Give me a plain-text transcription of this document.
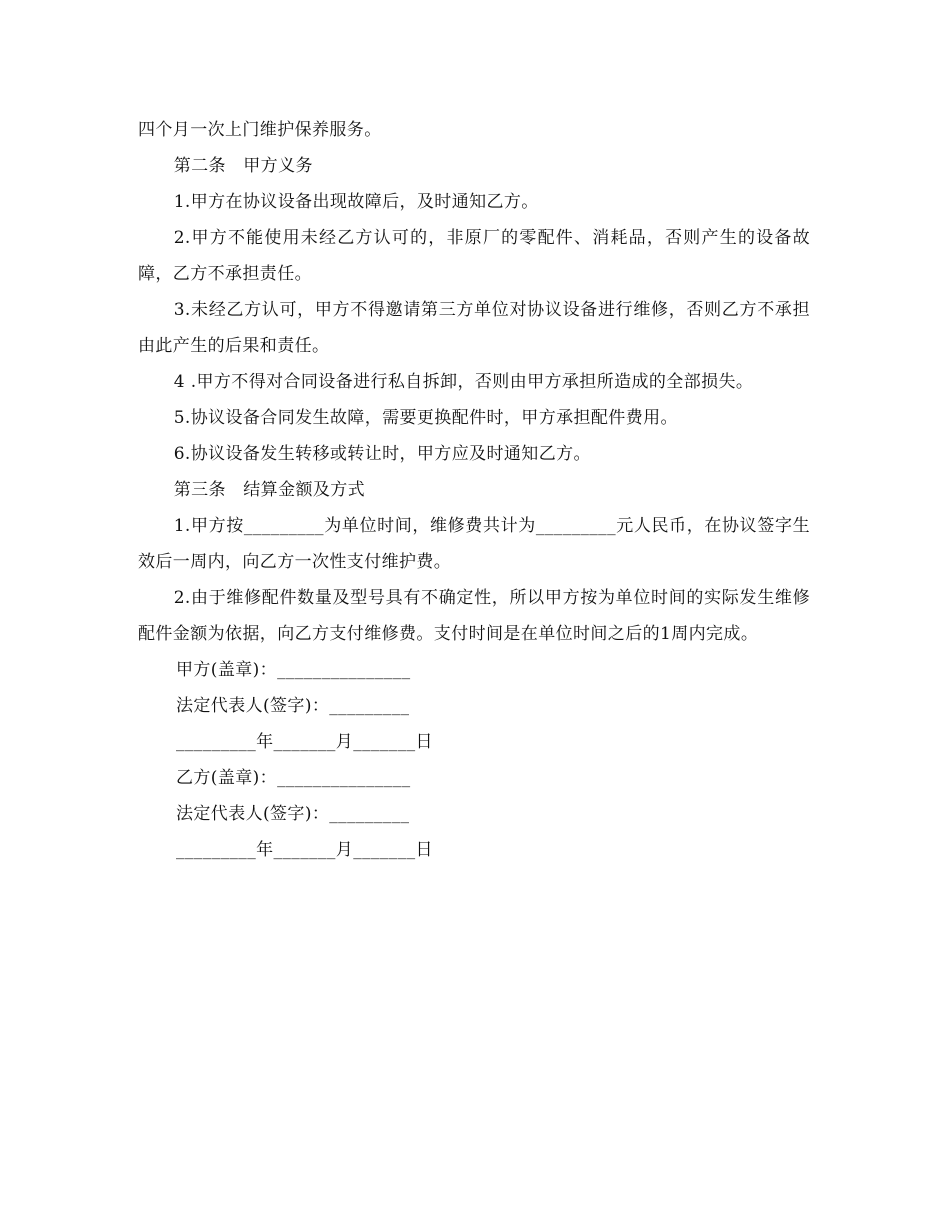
四个月一次上门维护保养服务。

第二条　甲方义务

1.甲方在协议设备出现故障后，及时通知乙方。

2.甲方不能使用未经乙方认可的，非原厂的零配件、消耗品，否则产生的设备故障，乙方不承担责任。

3.未经乙方认可，甲方不得邀请第三方单位对协议设备进行维修，否则乙方不承担由此产生的后果和责任。

4 .甲方不得对合同设备进行私自拆卸，否则由甲方承担所造成的全部损失。

5.协议设备合同发生故障，需要更换配件时，甲方承担配件费用。

6.协议设备发生转移或转让时，甲方应及时通知乙方。

第三条　结算金额及方式

1.甲方按_________为单位时间，维修费共计为_________元人民币，在协议签字生效后一周内，向乙方一次性支付维护费。

2.由于维修配件数量及型号具有不确定性，所以甲方按为单位时间的实际发生维修配件金额为依据，向乙方支付维修费。支付时间是在单位时间之后的1周内完成。

甲方(盖章)：_______________

法定代表人(签字)：_________

_________年_______月_______日

乙方(盖章)：_______________

法定代表人(签字)：_________

_________年_______月_______日
